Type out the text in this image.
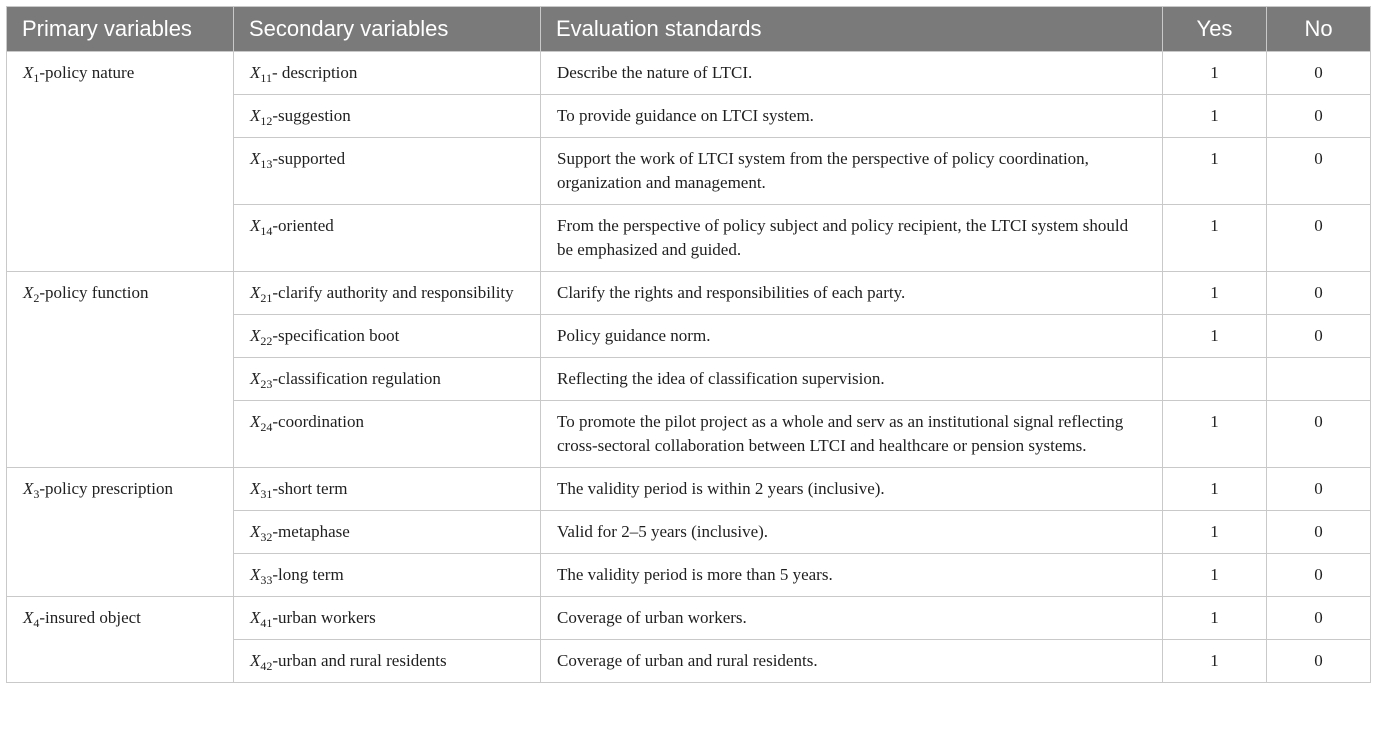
Primary variables	Secondary variables	Evaluation standards	Yes	No
$X_1$-policy nature	$X_{11}-$ description	Describe the nature of LTCI.	1	0
	$X_{12}$-suggestion	To provide guidance on LTCI system.	1	0
	$X_{13}$-supported	Support the work of LTCI system from the perspective of policy coordination, organization and management.	1	0
	$X_{14}$-oriented	From the perspective of policy subject and policy recipient, the LTCI system should be emphasized and guided.	1	0
$X_2$-policy function	$X_{21}$-clarify authority and responsibility	Clarify the rights and responsibilities of each party.	1	0
	$X_{22}$-specification boot	Policy guidance norm.	1	0
	$X_{23}$-classification regulation	Reflecting the idea of classification supervision.		
	$X_{24}$-coordination	To promote the pilot project as a whole and serv as an institutional signal reflecting cross-sectoral collaboration between LTCI and healthcare or pension systems.	1	0
$X_3$-policy prescription	$X_{31}$-short term	The validity period is within 2 years (inclusive).	1	0
	$X_{32}$-metaphase	Valid for 2–5 years (inclusive).	1	0
	$X_{33}$-long term	The validity period is more than 5 years.	1	0
$X_4$-insured object	$X_{41}$-urban workers	Coverage of urban workers.	1	0
	$X_{42}$-urban and rural residents	Coverage of urban and rural residents.	1	0
